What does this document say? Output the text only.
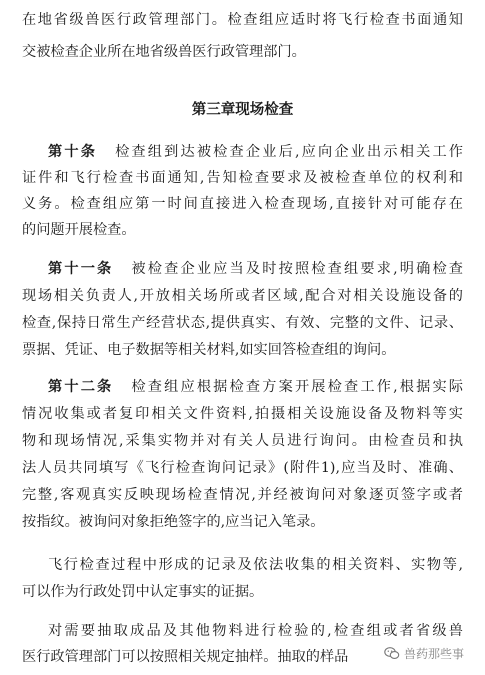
在地省级兽医行政管理部门。检查组应适时将飞行检查书面通知
交被检查企业所在地省级兽医行政管理部门。
第三章现场检查
第十条 检查组到达被检查企业后,应向企业出示相关工作
证件和飞行检查书面通知,告知检查要求及被检查单位的权利和
义务。检查组应第一时间直接进入检查现场,直接针对可能存在
的问题开展检查。
第十一条 被检查企业应当及时按照检查组要求,明确检查
现场相关负责人,开放相关场所或者区域,配合对相关设施设备的
检查,保持日常生产经营状态,提供真实、有效、完整的文件、记录、
票据、凭证、电子数据等相关材料,如实回答检查组的询问。
第十二条 检查组应根据检查方案开展检查工作,根据实际
情况收集或者复印相关文件资料,拍摄相关设施设备及物料等实
物和现场情况,采集实物并对有关人员进行询问。由检查员和执
法人员共同填写《飞行检查询问记录》(附件1),应当及时、准确、
完整,客观真实反映现场检查情况,并经被询问对象逐页签字或者
按指纹。被询问对象拒绝签字的,应当记入笔录。
飞行检查过程中形成的记录及依法收集的相关资料、实物等,
可以作为行政处罚中认定事实的证据。
对需要抽取成品及其他物料进行检验的,检查组或者省级兽
医行政管理部门可以按照相关规定抽样。抽取的样品	兽药那些事
